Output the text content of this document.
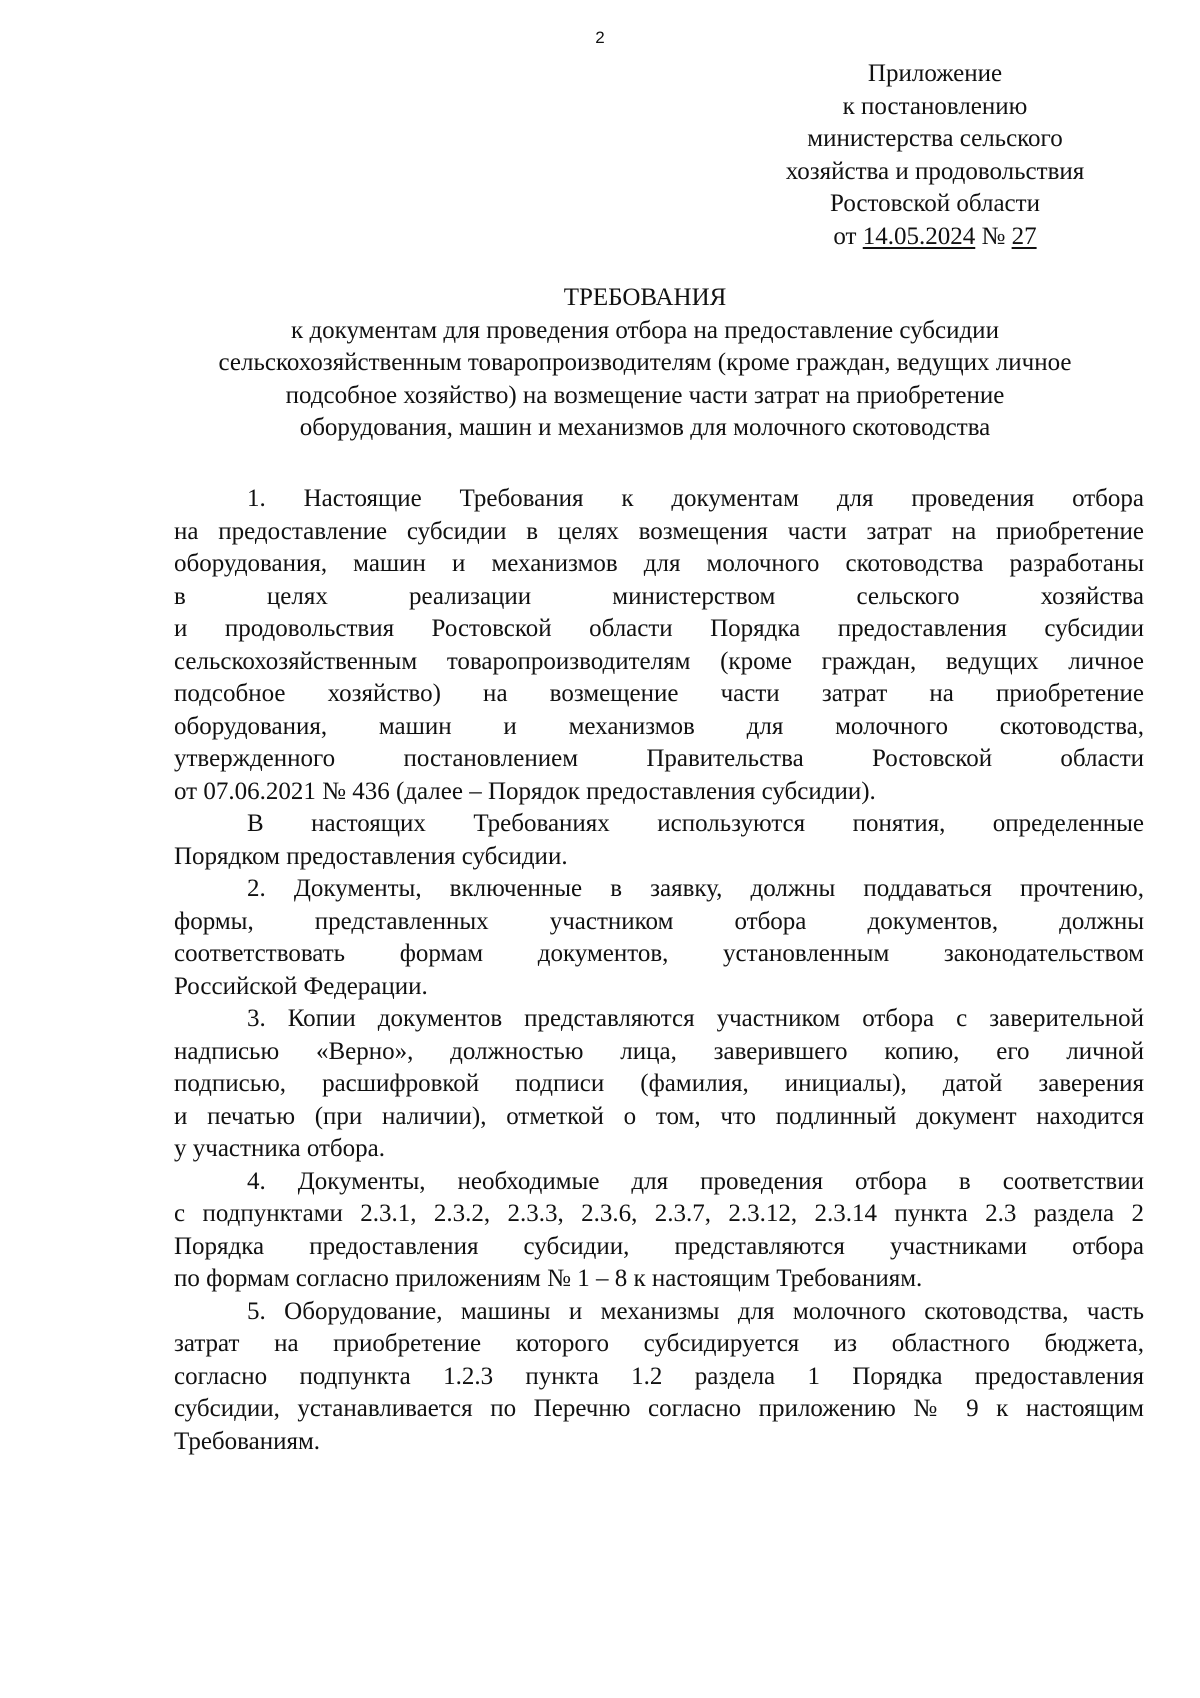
2
Приложение
к постановлению
министерства сельского
хозяйства и продовольствия
Ростовской области
от 14.05.2024 № 27
ТРЕБОВАНИЯ
к документам для проведения отбора на предоставление субсидии
сельскохозяйственным товаропроизводителям (кроме граждан, ведущих личное
подсобное хозяйство) на возмещение части затрат на приобретение
оборудования, машин и механизмов для молочного скотоводства
1. Настоящие Требования к документам для проведения отбора
на предоставление субсидии в целях возмещения части затрат на приобретение
оборудования, машин и механизмов для молочного скотоводства разработаны
в целях реализации министерством сельского хозяйства
и продовольствия Ростовской области Порядка предоставления субсидии
сельскохозяйственным товаропроизводителям (кроме граждан, ведущих личное
подсобное хозяйство) на возмещение части затрат на приобретение
оборудования, машин и механизмов для молочного скотоводства,
утвержденного постановлением Правительства Ростовской области
от 07.06.2021 № 436 (далее – Порядок предоставления субсидии).
В настоящих Требованиях используются понятия, определенные
Порядком предоставления субсидии.
2. Документы, включенные в заявку, должны поддаваться прочтению,
формы, представленных участником отбора документов, должны
соответствовать формам документов, установленным законодательством
Российской Федерации.
3. Копии документов представляются участником отбора с заверительной
надписью «Верно», должностью лица, заверившего копию, его личной
подписью, расшифровкой подписи (фамилия, инициалы), датой заверения
и печатью (при наличии), отметкой о том, что подлинный документ находится
у участника отбора.
4. Документы, необходимые для проведения отбора в соответствии
с подпунктами 2.3.1, 2.3.2, 2.3.3, 2.3.6, 2.3.7, 2.3.12, 2.3.14 пункта 2.3 раздела 2
Порядка предоставления субсидии, представляются участниками отбора
по формам согласно приложениям № 1 – 8 к настоящим Требованиям.
5. Оборудование, машины и механизмы для молочного скотоводства, часть
затрат на приобретение которого субсидируется из областного бюджета,
согласно подпункта 1.2.3 пункта 1.2 раздела 1 Порядка предоставления
субсидии, устанавливается по Перечню согласно приложению № 9 к настоящим
Требованиям.
